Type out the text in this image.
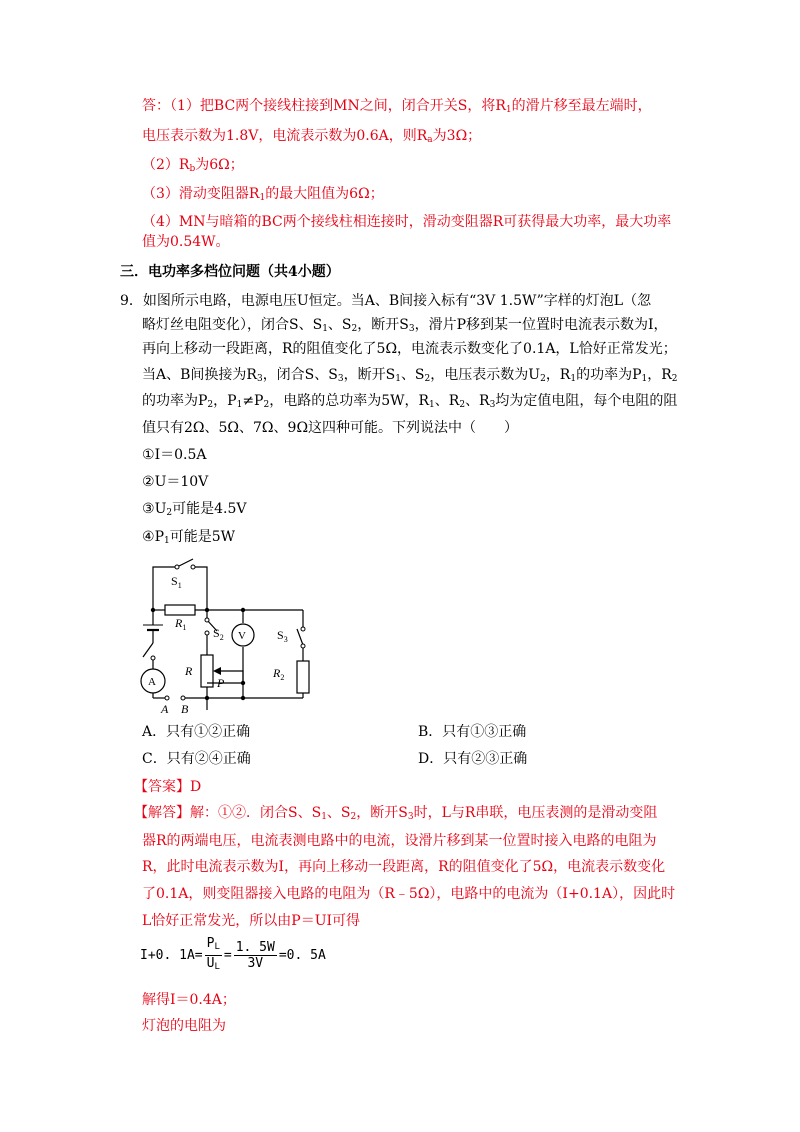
答：（1）把BC两个接线柱接到MN之间，闭合开关S，将$R_1$的滑片移至最左端时，
电压表示数为1.8V，电流表示数为0.6A，则$R_a$为3Ω；
$(2)R_b$为6Ω；
（3）滑动变阻器$R_1$的最大阻值为6Ω；
（4）MN与暗箱的BC两个接线柱相连接时，滑动变阻器R可获得最大功率，最大功率
值为0.54W。
三．电功率多档位问题（共4小题）
9．如图所示电路，电源电压U恒定。当A、B间接入标有“3V 1.5W”字样的灯泡L（忽
略灯丝电阻变化），闭合S、$S_1$、$S_2$，断开$S_3$，滑片P移到某一位置时电流表示数为I，
再向上移动一段距离，R的阻值变化了5Ω，电流表示数变化了0.1A，L恰好正常发光；
当A、B间换接为$R_3$，闭合S、$S_3$，断开$S_1$、$S_2$，电压表示数为$U_2$，$R_1$的功率为$P_1$，$R_2$
的功率为$P_2$，$P_1\ne P_2$，电路的总功率为5W，$R_1$、$R_2$、$R_3$均为定值电阻，每个电阻的阻
值只有2Ω、5Ω、7Ω、9Ω这四种可能。下列说法中（　　）
①I＝0.5A
②U＝10V
$③U_2$可能是4.5V
$④P_1$可能是5W
$S_1$
$R_1$ $S_2$ V	$S_3$
R
P
$R_2$
A
A B
A．只有①②正确	B．只有①③正确
C．只有②④正确	D．只有②③正确
【答案】D
【解答】解：①②．闭合S、$S_1$、$S_2$，断开$S_3$时，L与R串联，电压表测的是滑动变阻
器R的两端电压，电流表测电路中的电流，设滑片移到某一位置时接入电路的电阻为
R，此时电流表示数为I，再向上移动一段距离，R的阻值变化了5Ω，电流表示数变化
了0.1A，则变阻器接入电路的电阻为（R﹣5Ω），电路中的电流为（I+0.1A），因此时
L恰好正常发光，所以由P＝UI可得
I+0. $1A= \frac{P_L}{U_L} = \frac{1. 5W}{3V} =0$. 5A
解得I＝0.4A；
灯泡的电阻为
